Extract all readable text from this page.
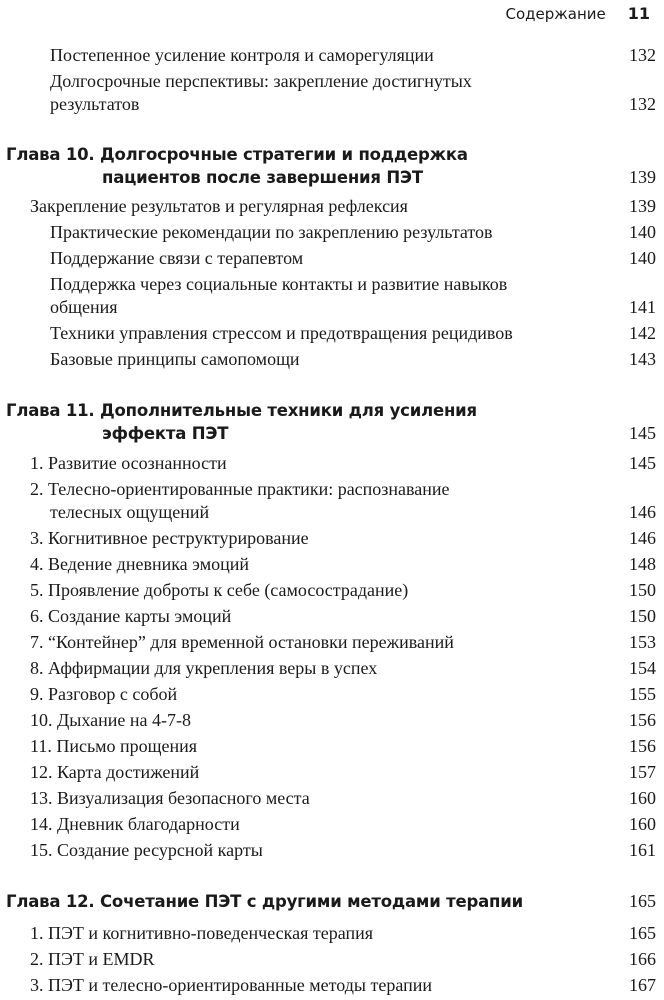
Содержание 11
Постепенное усиление контроля и саморегуляции	132
Долгосрочные перспективы: закрепление достигнутых
результатов	132
Глава 10. Долгосрочные стратегии и поддержка
пациентов после завершения ПЭТ	139
Закрепление результатов и регулярная рефлексия	139
Практические рекомендации по закреплению результатов	140
Поддержание связи с терапевтом	140
Поддержка через социальные контакты и развитие навыков
общения	141
Техники управления стрессом и предотвращения рецидивов	142
Базовые принципы самопомощи	143
Глава 11. Дополнительные техники для усиления
эффекта ПЭТ	145
1. Развитие осознанности	145
2. Телесно-ориентированные практики: распознавание
телесных ощущений	146
3. Когнитивное реструктурирование	146
4. Ведение дневника эмоций	148
5. Проявление доброты к себе (самосострадание)	150
6. Создание карты эмоций	150
7. “Контейнер” для временной остановки переживаний	153
8. Аффирмации для укрепления веры в успех	154
9. Разговор с собой	155
10. Дыхание на 4-7-8	156
11. Письмо прощения	156
12. Карта достижений	157
13. Визуализация безопасного места	160
14. Дневник благодарности	160
15. Создание ресурсной карты	161
Глава 12. Сочетание ПЭТ с другими методами терапии	165
1. ПЭТ и когнитивно-поведенческая терапия	165
2. ПЭТ и EMDR	166
3. ПЭТ и телесно-ориентированные методы терапии	167
